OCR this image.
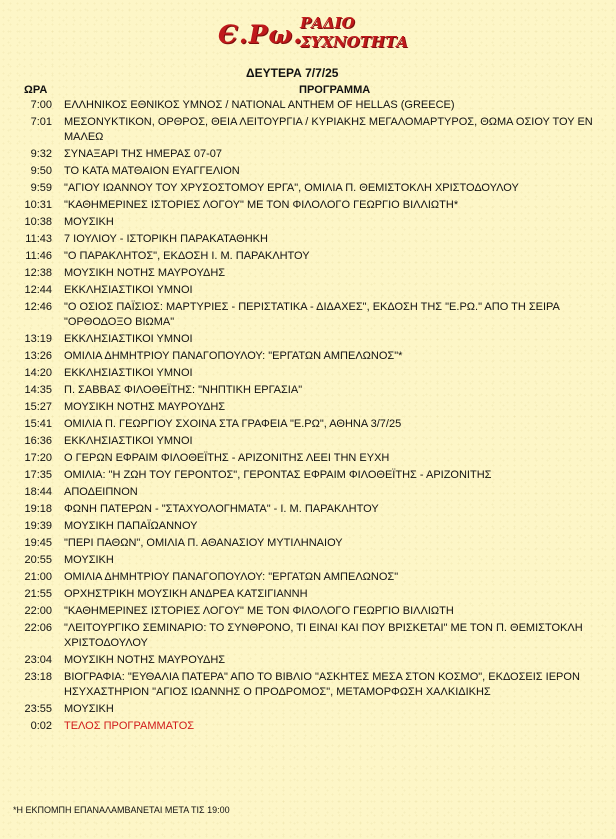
Є.Ρω.
ΡΑΔΙΟ
ΣΥΧΝΟΤΗΤΑ
ΔΕΥΤΕΡΑ 7/7/25
ΩΡΑ	ΠΡΟΓΡΑΜΜΑ
7:00 ΕΛΛΗΝΙΚΟΣ ΕΘΝΙΚΟΣ ΥΜΝΟΣ / NATIONAL ANTHEM OF HELLAS (GREECE)
7:01 ΜΕΣΟΝΥΚΤΙΚΟΝ, ΟΡΘΡΟΣ, ΘΕΙΑ ΛΕΙΤΟΥΡΓΙΑ / ΚΥΡΙΑΚΗΣ ΜΕΓΑΛΟΜΑΡΤΥΡΟΣ, ΘΩΜΑ ΟΣΙΟΥ ΤΟΥ ΕΝ ΜΑΛΕΩ
9:32 ΣΥΝΑΞΑΡΙ ΤΗΣ ΗΜΕΡΑΣ 07-07
9:50 ΤΟ ΚΑΤΑ ΜΑΤΘΑΙΟΝ ΕΥΑΓΓΕΛΙΟΝ
9:59 "ΑΓΙΟΥ ΙΩΑΝΝΟΥ ΤΟΥ ΧΡΥΣΟΣΤΟΜΟΥ ΕΡΓΑ", ΟΜΙΛΙΑ Π. ΘΕΜΙΣΤΟΚΛΗ ΧΡΙΣΤΟΔΟΥΛΟΥ
10:31 "ΚΑΘΗΜΕΡΙΝΕΣ ΙΣΤΟΡΙΕΣ ΛΟΓΟΥ" ΜΕ ΤΟΝ ΦΙΛΟΛΟΓΟ ΓΕΩΡΓΙΟ ΒΙΛΛΙΩΤΗ*
10:38 ΜΟΥΣΙΚΗ
11:43 7 ΙΟΥΛΙΟΥ - ΙΣΤΟΡΙΚΗ ΠΑΡΑΚΑΤΑΘΗΚΗ
11:46 "Ο ΠΑΡΑΚΛΗΤΟΣ", ΕΚΔΟΣΗ Ι. Μ. ΠΑΡΑΚΛΗΤΟΥ
12:38 ΜΟΥΣΙΚΗ ΝΟΤΗΣ ΜΑΥΡΟΥΔΗΣ
12:44 ΕΚΚΛΗΣΙΑΣΤΙΚΟΙ ΥΜΝΟΙ
12:46 "Ο ΟΣΙΟΣ ΠΑΪΣΙΟΣ: ΜΑΡΤΥΡΙΕΣ - ΠΕΡΙΣΤΑΤΙΚΑ - ΔΙΔΑΧΕΣ", ΕΚΔΟΣΗ ΤΗΣ "Ε.ΡΩ." ΑΠΟ ΤΗ ΣΕΙΡΑ "ΟΡΘΟΔΟΞΟ ΒΙΩΜΑ"
13:19 ΕΚΚΛΗΣΙΑΣΤΙΚΟΙ ΥΜΝΟΙ
13:26 ΟΜΙΛΙΑ ΔΗΜΗΤΡΙΟΥ ΠΑΝΑΓΟΠΟΥΛΟΥ: "ΕΡΓΑΤΩΝ ΑΜΠΕΛΩΝΟΣ"*
14:20 ΕΚΚΛΗΣΙΑΣΤΙΚΟΙ ΥΜΝΟΙ
14:35 Π. ΣΑΒΒΑΣ ΦΙΛΟΘΕΪΤΗΣ: "ΝΗΠΤΙΚΗ ΕΡΓΑΣΙΑ"
15:27 ΜΟΥΣΙΚΗ ΝΟΤΗΣ ΜΑΥΡΟΥΔΗΣ
15:41 ΟΜΙΛΙΑ Π. ΓΕΩΡΓΙΟΥ ΣΧΟΙΝΑ ΣΤΑ ΓΡΑΦΕΙΑ "Ε.ΡΩ", ΑΘΗΝΑ 3/7/25
16:36 ΕΚΚΛΗΣΙΑΣΤΙΚΟΙ ΥΜΝΟΙ
17:20 Ο ΓΕΡΩΝ ΕΦΡΑΙΜ ΦΙΛΟΘΕΪΤΗΣ - ΑΡΙΖΟΝΙΤΗΣ ΛΕΕΙ ΤΗΝ ΕΥΧΗ
17:35 ΟΜΙΛΙΑ: "Η ΖΩΗ ΤΟΥ ΓΕΡΟΝΤΟΣ", ΓΕΡΟΝΤΑΣ ΕΦΡΑΙΜ ΦΙΛΟΘΕΪΤΗΣ - ΑΡΙΖΟΝΙΤΗΣ
18:44 ΑΠΟΔΕΙΠΝΟΝ
19:18 ΦΩΝΗ ΠΑΤΕΡΩΝ - "ΣΤΑΧΥΟΛΟΓΗΜΑΤΑ" - Ι. Μ. ΠΑΡΑΚΛΗΤΟΥ
19:39 ΜΟΥΣΙΚΗ ΠΑΠΑΪΩΑΝΝΟΥ
19:45 "ΠΕΡΙ ΠΑΘΩΝ", ΟΜΙΛΙΑ Π. ΑΘΑΝΑΣΙΟΥ ΜΥΤΙΛΗΝΑΙΟΥ
20:55 ΜΟΥΣΙΚΗ
21:00 ΟΜΙΛΙΑ ΔΗΜΗΤΡΙΟΥ ΠΑΝΑΓΟΠΟΥΛΟΥ: "ΕΡΓΑΤΩΝ ΑΜΠΕΛΩΝΟΣ"
21:55 ΟΡΧΗΣΤΡΙΚΗ ΜΟΥΣΙΚΗ ΑΝΔΡΕΑ ΚΑΤΣΙΓΙΑΝΝΗ
22:00 "ΚΑΘΗΜΕΡΙΝΕΣ ΙΣΤΟΡΙΕΣ ΛΟΓΟΥ" ΜΕ ΤΟΝ ΦΙΛΟΛΟΓΟ ΓΕΩΡΓΙΟ ΒΙΛΛΙΩΤΗ
22:06 "ΛΕΙΤΟΥΡΓΙΚΟ ΣΕΜΙΝΑΡΙΟ: ΤΟ ΣΥΝΘΡΟΝΟ, ΤΙ ΕΙΝΑΙ ΚΑΙ ΠΟΥ ΒΡΙΣΚΕΤΑΙ" ΜΕ ΤΟΝ Π. ΘΕΜΙΣΤΟΚΛΗ ΧΡΙΣΤΟΔΟΥΛΟΥ
23:04 ΜΟΥΣΙΚΗ ΝΟΤΗΣ ΜΑΥΡΟΥΔΗΣ
23:18 ΒΙΟΓΡΑΦΙΑ: "ΕΥΘΑΛΙΑ ΠΑΤΕΡΑ" ΑΠΟ ΤΟ ΒΙΒΛΙΟ "ΑΣΚΗΤΕΣ ΜΕΣΑ ΣΤΟΝ ΚΟΣΜΟ", ΕΚΔΟΣΕΙΣ ΙΕΡΟΝ ΗΣΥΧΑΣΤΗΡΙΟΝ "ΑΓΙΟΣ ΙΩΑΝΝΗΣ Ο ΠΡΟΔΡΟΜΟΣ", ΜΕΤΑΜΟΡΦΩΣΗ ΧΑΛΚΙΔΙΚΗΣ
23:55 ΜΟΥΣΙΚΗ
0:02 ΤΕΛΟΣ ΠΡΟΓΡΑΜΜΑΤΟΣ
*Η ΕΚΠΟΜΠΗ ΕΠΑΝΑΛΑΜΒΑΝΕΤΑΙ ΜΕΤΑ ΤΙΣ 19:00
